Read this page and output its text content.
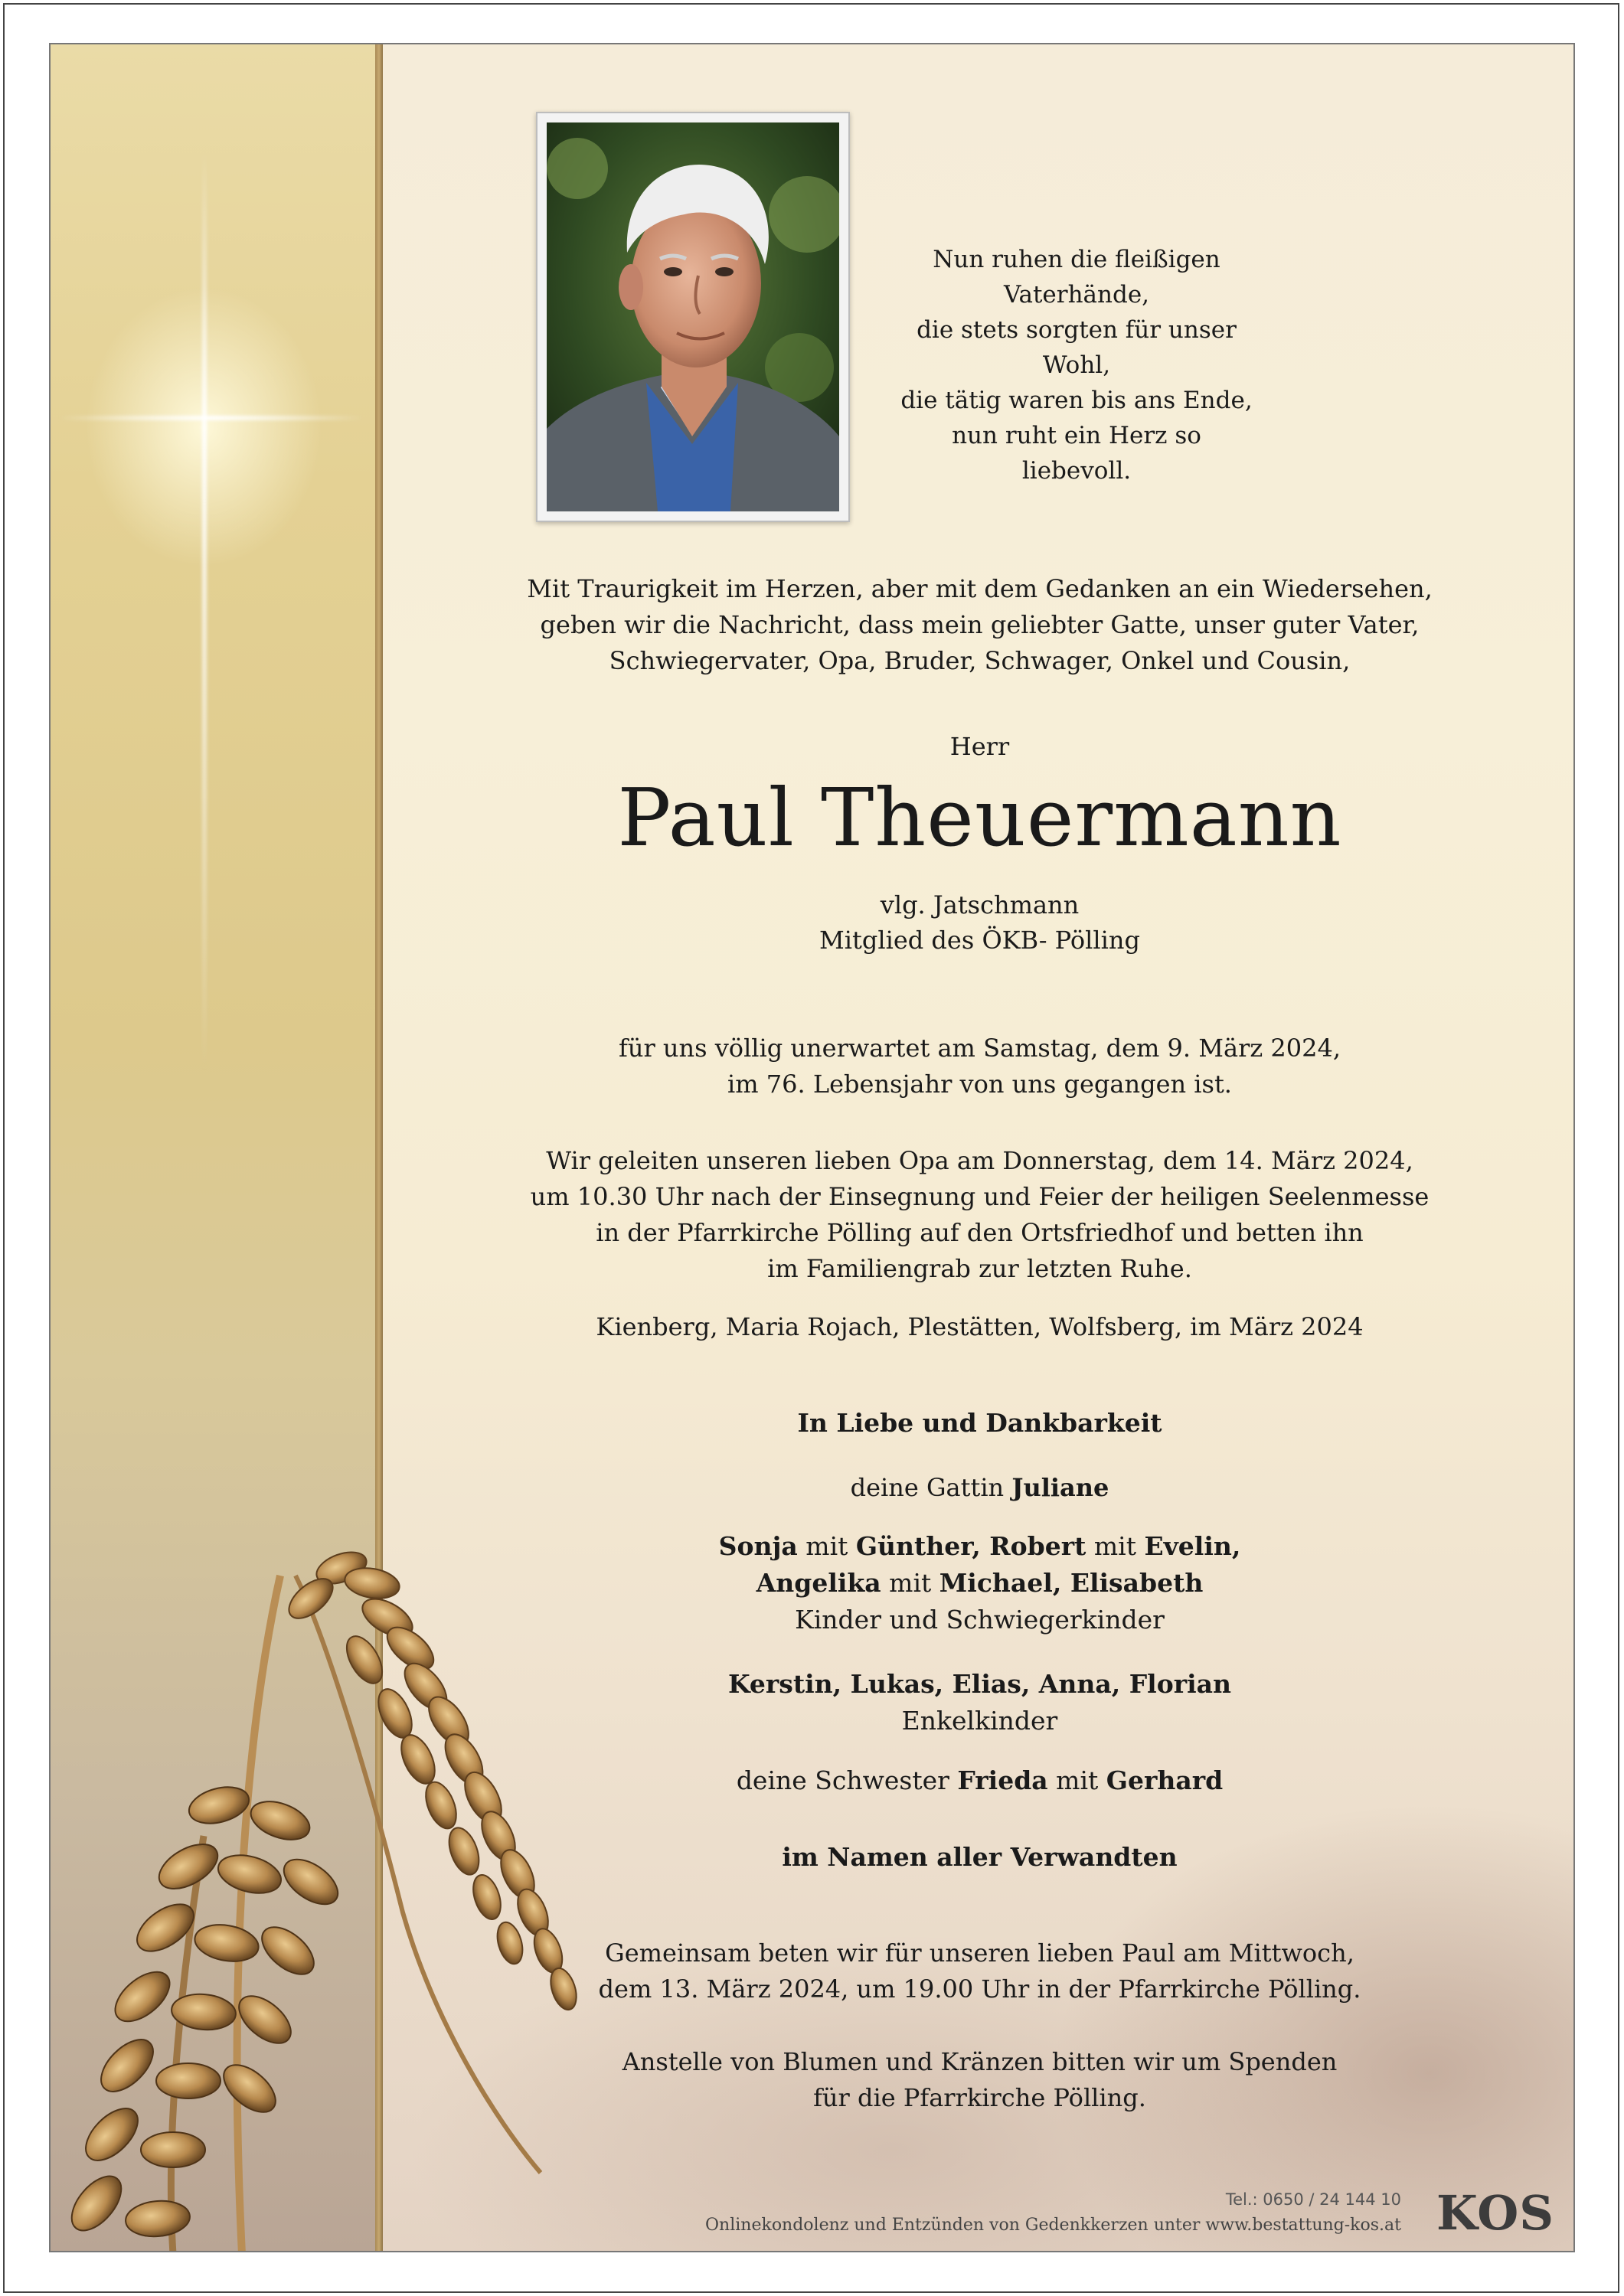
Nun ruhen die fleißigen Vaterhände,
die stets sorgten für unser Wohl,
die tätig waren bis ans Ende,
nun ruht ein Herz so liebevoll.
Mit Traurigkeit im Herzen, aber mit dem Gedanken an ein Wiedersehen,
geben wir die Nachricht, dass mein geliebter Gatte, unser guter Vater,
Schwiegervater, Opa, Bruder, Schwager, Onkel und Cousin,
Herr
Paul Theuermann
vlg. Jatschmann
Mitglied des ÖKB- Pölling
für uns völlig unerwartet am Samstag, dem 9. März 2024,
im 76. Lebensjahr von uns gegangen ist.
Wir geleiten unseren lieben Opa am Donnerstag, dem 14. März 2024,
um 10.30 Uhr nach der Einsegnung und Feier der heiligen Seelenmesse
in der Pfarrkirche Pölling auf den Ortsfriedhof und betten ihn
im Familiengrab zur letzten Ruhe.
Kienberg, Maria Rojach, Plestätten, Wolfsberg, im März 2024
In Liebe und Dankbarkeit
deine Gattin Juliane
Sonja mit Günther, Robert mit Evelin,
Angelika mit Michael, Elisabeth
Kinder und Schwiegerkinder
Kerstin, Lukas, Elias, Anna, Florian
Enkelkinder
deine Schwester Frieda mit Gerhard
im Namen aller Verwandten
Gemeinsam beten wir für unseren lieben Paul am Mittwoch,
dem 13. März 2024, um 19.00 Uhr in der Pfarrkirche Pölling.
Anstelle von Blumen und Kränzen bitten wir um Spenden
für die Pfarrkirche Pölling.
Tel.: 0650 / 24 144 10
Onlinekondolenz und Entzünden von Gedenkkerzen unter www.bestattung-kos.at KOS
